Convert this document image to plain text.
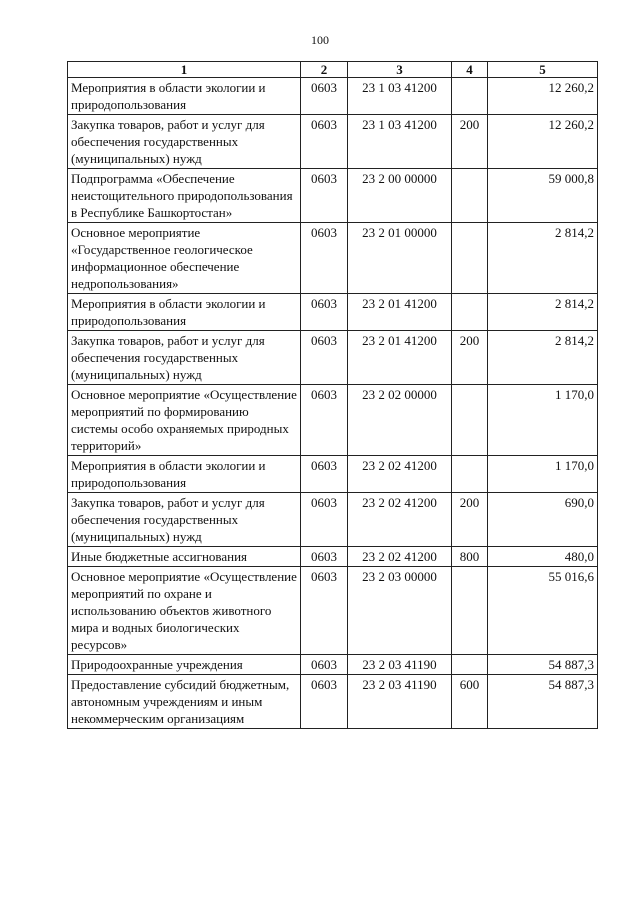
100
1	2	3	4	5
Мероприятия в области экологии и природопользования	0603	23 1 03 41200		12 260,2
Закупка товаров, работ и услуг для обеспечения государственных (муниципальных) нужд	0603	23 1 03 41200	200	12 260,2
Подпрограмма «Обеспечение неистощительного природопользования в Республике Башкортостан»	0603	23 2 00 00000		59 000,8
Основное мероприятие «Государственное геологическое информационное обеспечение недропользования»	0603	23 2 01 00000		2 814,2
Мероприятия в области экологии и природопользования	0603	23 2 01 41200		2 814,2
Закупка товаров, работ и услуг для обеспечения государственных (муниципальных) нужд	0603	23 2 01 41200	200	2 814,2
Основное мероприятие «Осуществление мероприятий по формированию системы особо охраняемых природных территорий»	0603	23 2 02 00000		1 170,0
Мероприятия в области экологии и природопользования	0603	23 2 02 41200		1 170,0
Закупка товаров, работ и услуг для обеспечения государственных (муниципальных) нужд	0603	23 2 02 41200	200	690,0
Иные бюджетные ассигнования	0603	23 2 02 41200	800	480,0
Основное мероприятие «Осуществление мероприятий по охране и использованию объектов животного мира и водных биологических ресурсов»	0603	23 2 03 00000		55 016,6
Природоохранные учреждения	0603	23 2 03 41190		54 887,3
Предоставление субсидий бюджетным, автономным учреждениям и иным некоммерческим организациям	0603	23 2 03 41190	600	54 887,3
